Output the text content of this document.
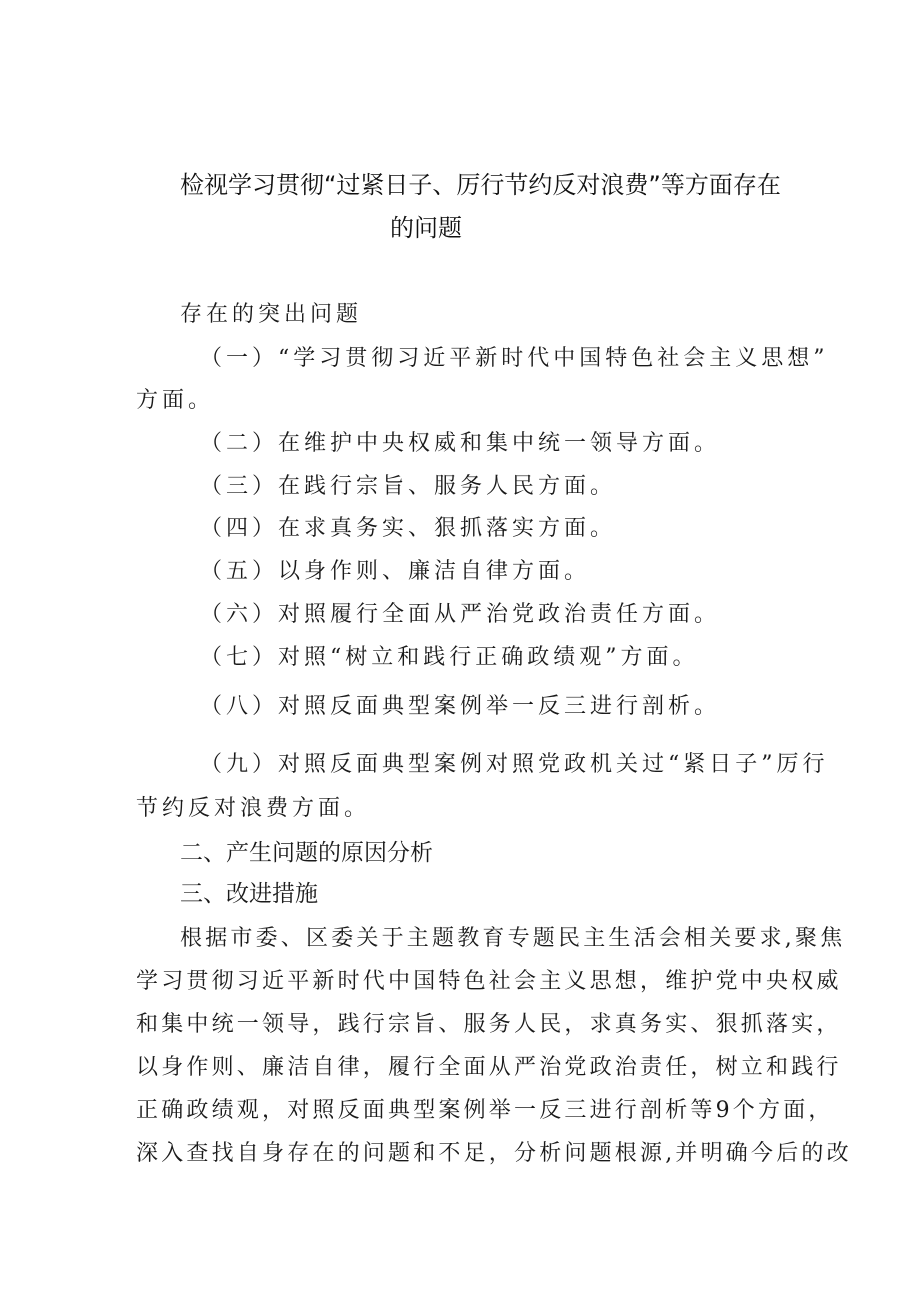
检视学习贯彻“过紧日子、厉行节约反对浪费”等方面存在
的问题
存在的突出问题
（一）“学习贯彻习近平新时代中国特色社会主义思想”
方面。
（二）在维护中央权威和集中统一领导方面。
（三）在践行宗旨、服务人民方面。
（四）在求真务实、狠抓落实方面。
（五）以身作则、廉洁自律方面。
（六）对照履行全面从严治党政治责任方面。
（七）对照“树立和践行正确政绩观”方面。
（八）对照反面典型案例举一反三进行剖析。
（九）对照反面典型案例对照党政机关过“紧日子”厉行
节约反对浪费方面。
二、产生问题的原因分析
三、改进措施
根据市委、区委关于主题教育专题民主生活会相关要求,聚焦
学习贯彻习近平新时代中国特色社会主义思想，维护党中央权威
和集中统一领导，践行宗旨、服务人民，求真务实、狠抓落实，
以身作则、廉洁自律，履行全面从严治党政治责任，树立和践行
正确政绩观，对照反面典型案例举一反三进行剖析等9个方面，
深入查找自身存在的问题和不足，分析问题根源,并明确今后的改
